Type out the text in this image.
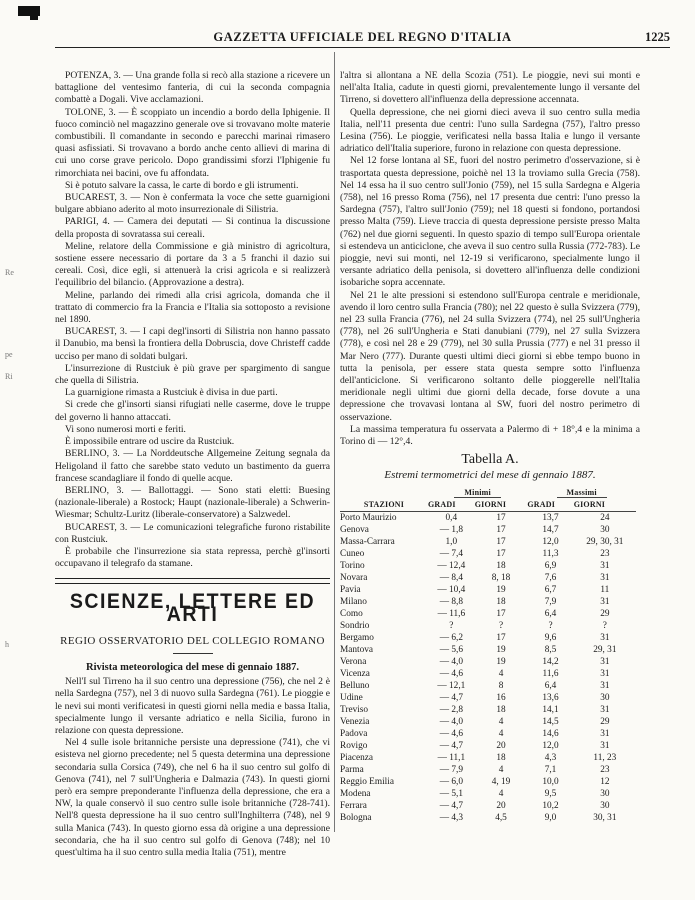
GAZZETTA UFFICIALE DEL REGNO D'ITALIA	1225
Re
pe
Ri
h

POTENZA, 3. — Una grande folla si recò alla stazione a ricevere un battaglione del ventesimo fanteria, di cui la seconda compagnia combattè a Dogali. Vive acclamazioni.

TOLONE, 3. — È scoppiato un incendio a bordo della Iphigenie. Il fuoco cominciò nel magazzino generale ove si trovavano molte materie combustibili. Il comandante in secondo e parecchi marinai rimasero quasi asfissiati. Si trovavano a bordo anche cento allievi di marina di cui uno corse grave pericolo. Dopo grandissimi sforzi l'Iphigenie fu rimorchiata nei bacini, ove fu affondata.

Si è potuto salvare la cassa, le carte di bordo e gli istrumenti.

BUCAREST, 3. — Non è confermata la voce che sette guarnigioni bulgare abbiano aderito al moto insurrezionale di Silistria.

PARIGI, 4. — Camera dei deputati — Si continua la discussione della proposta di sovratassa sui cereali.

Meline, relatore della Commissione e già ministro di agricoltura, sostiene essere necessario di portare da 3 a 5 franchi il dazio sui cereali. Così, dice egli, si attenuerà la crisi agricola e si realizzerà l'equilibrio del bilancio. (Approvazione a destra).

Meline, parlando dei rimedi alla crisi agricola, domanda che il trattato di commercio fra la Francia e l'Italia sia sottoposto a revisione nel 1890.

BUCAREST, 3. — I capi degl'insorti di Silistria non hanno passato il Danubio, ma bensì la frontiera della Dobruscia, dove Christeff cadde ucciso per mano di soldati bulgari.

L'insurrezione di Rustciuk è più grave per spargimento di sangue che quella di Silistria.

La guarnigione rimasta a Rustciuk è divisa in due parti.

Si crede che gl'insorti siansi rifugiati nelle caserme, dove le truppe del governo li hanno attaccati.

Vi sono numerosi morti e feriti.

È impossibile entrare od uscire da Rustciuk.

BERLINO, 3. — La Norddeutsche Allgemeine Zeitung segnala da Heligoland il fatto che sarebbe stato veduto un bastimento da guerra francese scandagliare il fondo di quelle acque.

BERLINO, 3. — Ballottaggi. — Sono stati eletti: Buesing (nazionale-liberale) a Rostock; Haupt (nazionale-liberale) a Schwerin-Wiesmar; Schultz-Luritz (liberale-conservatore) a Salzwedel.

BUCAREST, 3. — Le comunicazioni telegrafiche furono ristabilite con Rustciuk.

È probabile che l'insurrezione sia stata repressa, perchè gl'insorti occupavano il telegrafo da stamane.

SCIENZE, LETTERE ED ARTI
REGIO OSSERVATORIO DEL COLLEGIO ROMANO
Rivista meteorologica del mese di gennaio 1887.

Nell'I sul Tirreno ha il suo centro una depressione (756), che nel 2 è nella Sardegna (757), nel 3 di nuovo sulla Sardegna (761). Le pioggie e le nevi sui monti verificatesi in questi giorni nella media e bassa Italia, specialmente lungo il versante adriatico e nella Sicilia, furono in relazione con questa depressione.

Nel 4 sulle isole britanniche persiste una depressione (741), che vi esisteva nel giorno precedente; nel 5 questa determina una depressione secondaria sulla Corsica (749), che nel 6 ha il suo centro sul golfo di Genova (741), nel 7 sull'Ungheria e Dalmazia (743). In questi giorni però era sempre preponderante l'influenza della depressione, che era a NW, la quale conservò il suo centro sulle isole britanniche (728-741). Nell'8 questa depressione ha il suo centro sull'Inghilterra (748), nel 9 sulla Manica (743). In questo giorno essa dà origine a una depressione secondaria, che ha il suo centro sul golfo di Genova (748); nel 10 quest'ultima ha il suo centro sulla media Italia (751), mentre

l'altra si allontana a NE della Scozia (751). Le pioggie, nevi sui monti e nell'alta Italia, cadute in questi giorni, prevalentemente lungo il versante del Tirreno, si dovettero all'influenza della depressione accennata.

Quella depressione, che nei giorni dieci aveva il suo centro sulla media Italia, nell'11 presenta due centri: l'uno sulla Sardegna (757), l'altro presso Lesina (756). Le pioggie, verificatesi nella bassa Italia e lungo il versante adriatico dell'Italia superiore, furono in relazione con questa depressione.

Nel 12 forse lontana al SE, fuori del nostro perimetro d'osservazione, si è trasportata questa depressione, poichè nel 13 la troviamo sulla Grecia (758). Nel 14 essa ha il suo centro sull'Jonio (759), nel 15 sulla Sardegna e Algeria (758), nel 16 presso Roma (756), nel 17 presenta due centri: l'uno presso la Sardegna (757), l'altro sull'Jonio (759); nel 18 questi si fondono, portandosi presso Malta (759). Lieve traccia di questa depressione persiste presso Malta (762) nel due giorni seguenti. In questo spazio di tempo sull'Europa orientale si estendeva un anticiclone, che aveva il suo centro sulla Russia (772-783). Le pioggie, nevi sui monti, nel 12-19 si verificarono, specialmente lungo il versante adriatico della penisola, si dovettero all'influenza delle condizioni isobariche sopra accennate.

Nel 21 le alte pressioni si estendono sull'Europa centrale e meridionale, avendo il loro centro sulla Francia (780); nel 22 questo è sulla Svizzera (779), nel 23 sulla Francia (776), nel 24 sulla Svizzera (774), nel 25 sull'Ungheria (778), nel 26 sull'Ungheria e Stati danubiani (779), nel 27 sulla Svizzera (778), e così nel 28 e 29 (779), nel 30 sulla Prussia (777) e nel 31 presso il Mar Nero (777). Durante questi ultimi dieci giorni si ebbe tempo buono in tutta la penisola, per essere stata questa sempre sotto l'influenza dell'anticiclone. Si verificarono soltanto delle pioggerelle nell'Italia meridionale negli ultimi due giorni della decade, forse dovute a una depressione che trovavasi lontana al SW, fuori del nostro perimetro di osservazione.

La massima temperatura fu osservata a Palermo di + 18°,4 e la minima a Torino di — 12°,4.

Tabella A.
Estremi termometrici del mese di gennaio 1887.
	Minimi		Massimi	
STAZIONI	GRADI	GIORNI	GRADI	GIORNI
Porto Maurizio	0,4	17	13,7	24
Genova	— 1,8	17	14,7	30
Massa-Carrara	1,0	17	12,0	29, 30, 31
Cuneo	— 7,4	17	11,3	23
Torino	— 12,4	18	6,9	31
Novara	— 8,4	8, 18	7,6	31
Pavia	— 10,4	19	6,7	11
Milano	— 8,8	18	7,9	31
Como	— 11,6	17	6,4	29
Sondrio	?	?	?	?
Bergamo	— 6,2	17	9,6	31
Mantova	— 5,6	19	8,5	29, 31
Verona	— 4,0	19	14,2	31
Vicenza	— 4,6	4	11,6	31
Belluno	— 12,1	8	6,4	31
Udine	— 4,7	16	13,6	30
Treviso	— 2,8	18	14,1	31
Venezia	— 4,0	4	14,5	29
Padova	— 4,6	4	14,6	31
Rovigo	— 4,7	20	12,0	31
Piacenza	— 11,1	18	4,3	11, 23
Parma	— 7,9	4	7,1	23
Reggio Emilia	— 6,0	4, 19	10,0	12
Modena	— 5,1	4	9,5	30
Ferrara	— 4,7	20	10,2	30
Bologna	— 4,3	4,5	9,0	30, 31
